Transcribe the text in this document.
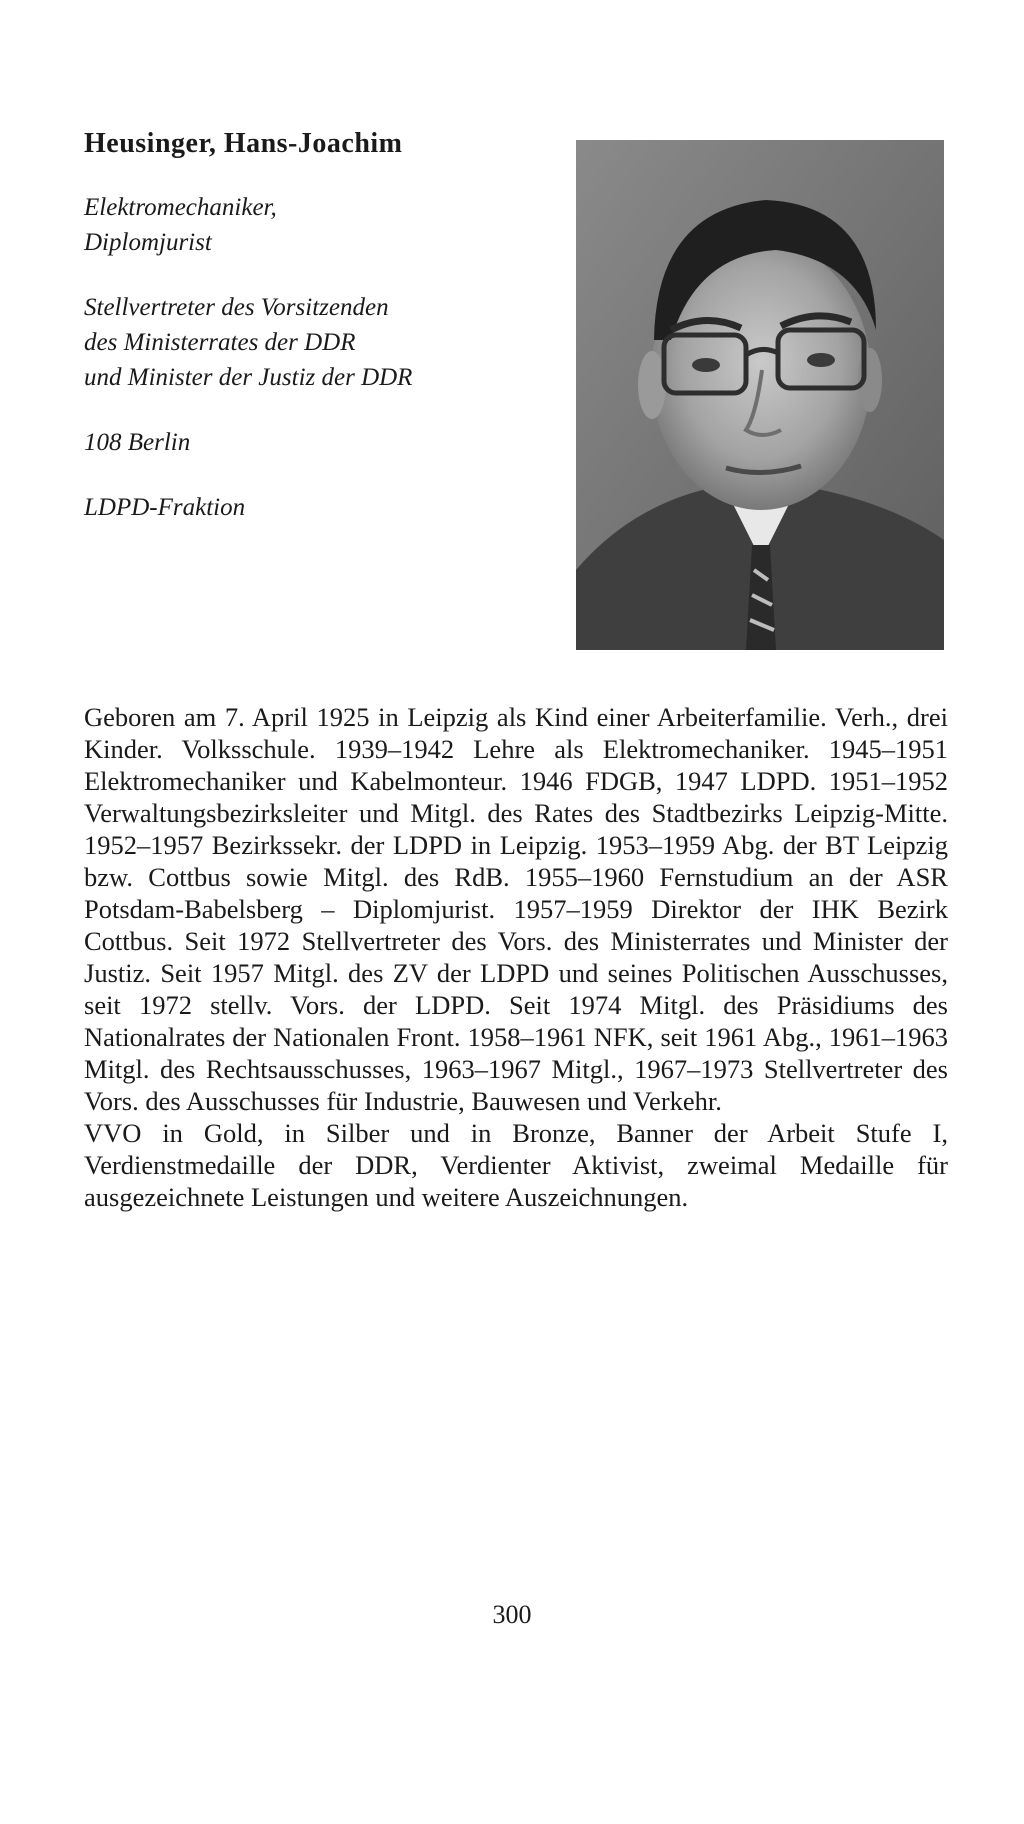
Heusinger, Hans-Joachim
Elektromechaniker,
Diplomjurist
Stellvertreter des Vorsitzenden
des Ministerrates der DDR
und Minister der Justiz der DDR
108 Berlin
LDPD-Fraktion

Geboren am 7. April 1925 in Leipzig als Kind einer Arbeiterfamilie. Verh., drei Kinder. Volksschule. 1939–1942 Lehre als Elektromechaniker. 1945–1951 Elektromechaniker und Kabelmonteur. 1946 FDGB, 1947 LDPD. 1951–1952 Verwaltungsbezirksleiter und Mitgl. des Rates des Stadtbezirks Leipzig-Mitte. 1952–1957 Bezirkssekr. der LDPD in Leipzig. 1953–1959 Abg. der BT Leipzig bzw. Cottbus sowie Mitgl. des RdB. 1955–1960 Fernstudium an der ASR Potsdam-Babelsberg – Diplomjurist. 1957–1959 Direktor der IHK Bezirk Cottbus. Seit 1972 Stellvertreter des Vors. des Ministerrates und Minister der Justiz. Seit 1957 Mitgl. des ZV der LDPD und seines Politischen Ausschusses, seit 1972 stellv. Vors. der LDPD. Seit 1974 Mitgl. des Präsidiums des Nationalrates der Nationalen Front. 1958–1961 NFK, seit 1961 Abg., 1961–1963 Mitgl. des Rechtsausschusses, 1963–1967 Mitgl., 1967–1973 Stellvertreter des Vors. des Ausschusses für Industrie, Bauwesen und Verkehr.

VVO in Gold, in Silber und in Bronze, Banner der Arbeit Stufe I, Verdienstmedaille der DDR, Verdienter Aktivist, zweimal Medaille für ausgezeichnete Leistungen und weitere Auszeichnungen.

300
